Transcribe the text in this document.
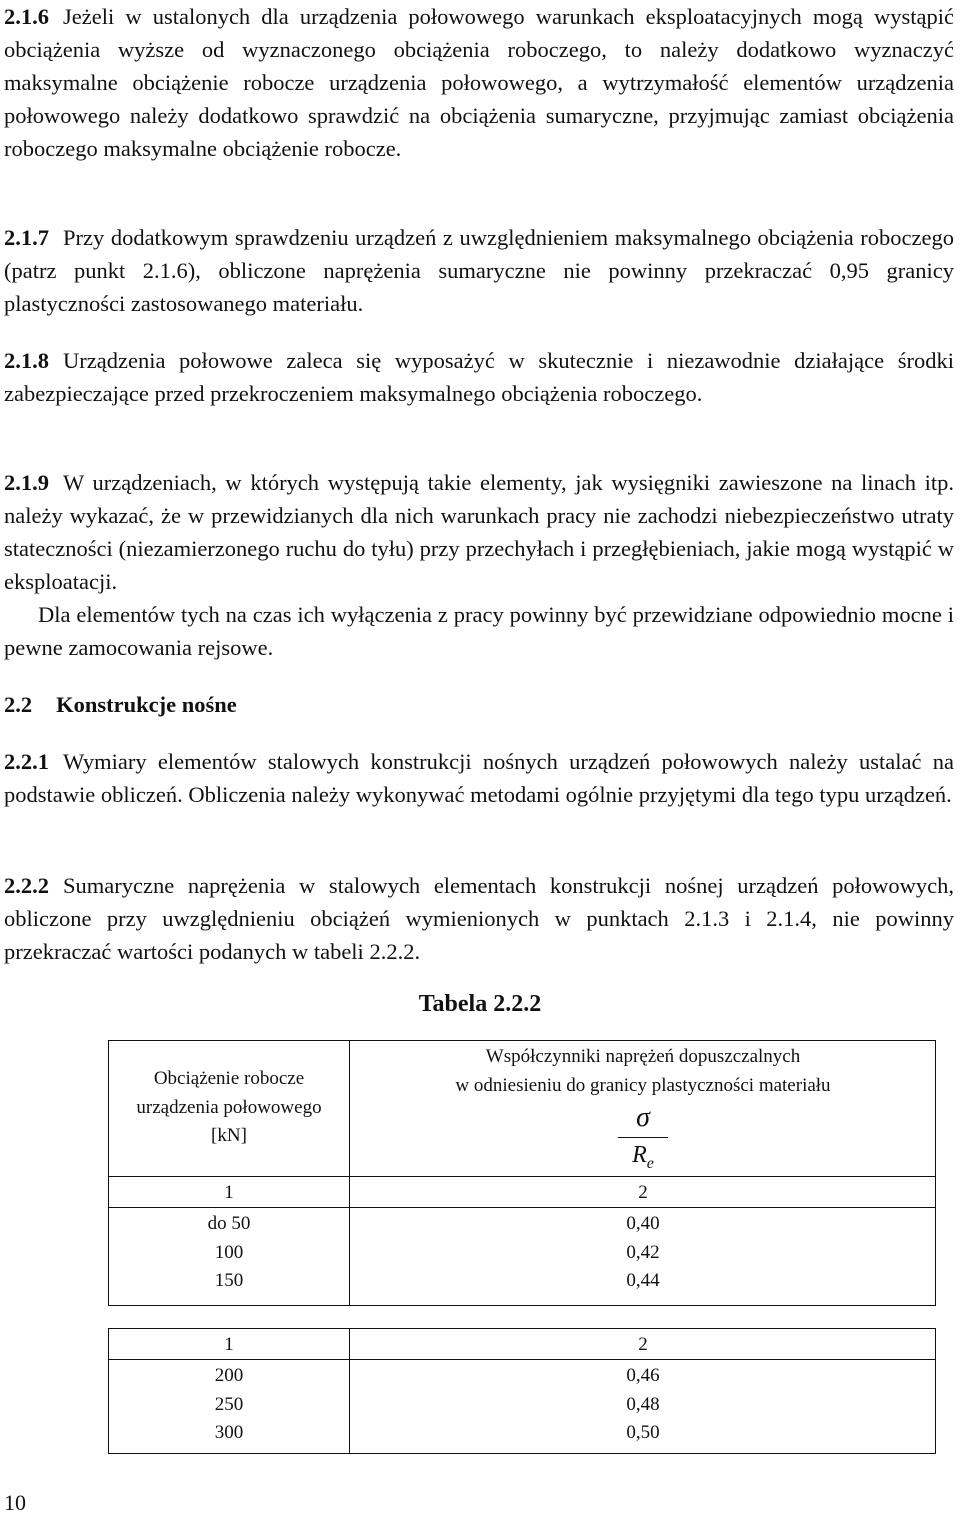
2.1.6 Jeżeli w ustalonych dla urządzenia połowowego warunkach eksploatacyjnych mogą wystąpić obciążenia wyższe od wyznaczonego obciążenia roboczego, to należy dodatkowo wyznaczyć maksymalne obciążenie robocze urządzenia połowowego, a wytrzymałość elementów urządzenia połowowego należy dodatkowo sprawdzić na obciążenia sumaryczne, przyjmując zamiast obciążenia roboczego maksymalne obciążenie robocze.

2.1.7 Przy dodatkowym sprawdzeniu urządzeń z uwzględnieniem maksymalnego obciążenia roboczego (patrz punkt 2.1.6), obliczone naprężenia sumaryczne nie powinny przekraczać 0,95 granicy plastyczności zastosowanego materiału.

2.1.8 Urządzenia połowowe zaleca się wyposażyć w skutecznie i niezawodnie działające środki zabezpieczające przed przekroczeniem maksymalnego obciążenia roboczego.

2.1.9 W urządzeniach, w których występują takie elementy, jak wysięgniki zawieszone na linach itp. należy wykazać, że w przewidzianych dla nich warunkach pracy nie zachodzi niebezpieczeństwo utraty stateczności (niezamierzonego ruchu do tyłu) przy przechyłach i przegłębieniach, jakie mogą wystąpić w eksploatacji.

Dla elementów tych na czas ich wyłączenia z pracy powinny być przewidziane odpowiednio mocne i pewne zamocowania rejsowe.

2.2 Konstrukcje nośne

2.2.1 Wymiary elementów stalowych konstrukcji nośnych urządzeń połowowych należy ustalać na podstawie obliczeń. Obliczenia należy wykonywać metodami ogólnie przyjętymi dla tego typu urządzeń.

2.2.2 Sumaryczne naprężenia w stalowych elementach konstrukcji nośnej urządzeń połowowych, obliczone przy uwzględnieniu obciążeń wymienionych w punktach 2.1.3 i 2.1.4, nie powinny przekraczać wartości podanych w tabeli 2.2.2.

Tabela 2.2.2

Obciążenie robocze
urządzenia połowowego
[kN]
Współczynniki naprężeń dopuszczalnych
w odniesieniu do granicy plastyczności materiału
σ
$R_e$
1	2
do 50	0,40
100	0,42
150	0,44
1	2
200	0,46
250	0,48
300	0,50
10
